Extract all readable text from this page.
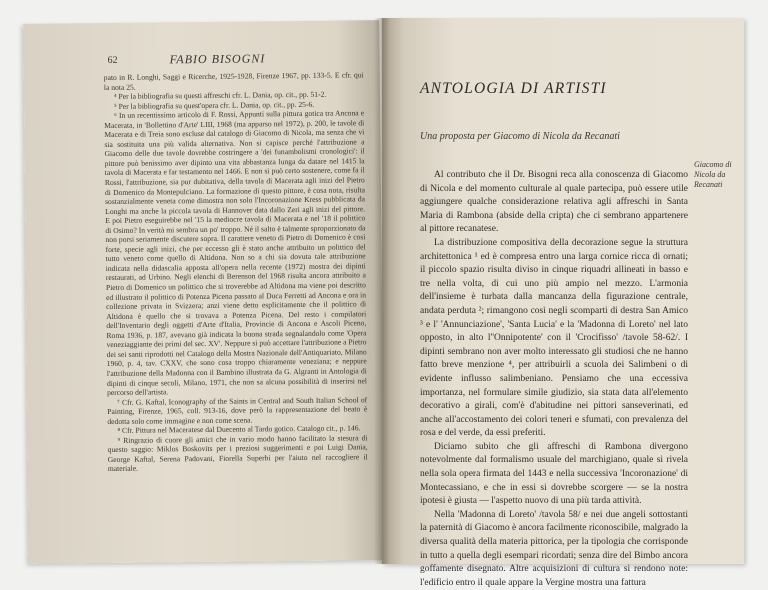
62	FABIO BISOGNI

pato in R. Longhi, Saggi e Ricerche, 1925-1928, Firenze 1967, pp. 133-5. E cfr. qui la nota 25.

⁴ Per la bibliografia su questi affreschi cfr. L. Dania, op. cit., pp. 51-2.

⁵ Per la bibliografia su quest'opera cfr. L. Dania, op. cit., pp. 25-6.

⁶ In un recentissimo articolo di F. Rossi, Appunti sulla pittura gotica tra Ancona e Macerata, in 'Bollettino d'Arte' LIII, 1968 (ma apparso nel 1972), p. 200, le tavole di Macerata e di Treia sono escluse dal catalogo di Giacomo di Nicola, ma senza che vi sia sostituita una più valida alternativa. Non si capisce perché l'attribuzione a Giacomo delle due tavole dovrebbe costringere a 'dei funambolismi cronologici': il pittore può benissimo aver dipinto una vita abbastanza lunga da datare nel 1415 la tavola di Macerata e far testamento nel 1466. E non si può certo sostenere, come fa il Rossi, l'attribuzione, sia pur dubitativa, della tavola di Macerata agli inizi del Pietro di Domenico da Montepulciano. La formazione di questo pittore, è cosa nota, risulta sostanzialmente veneta come dimostra non solo l'Incoronazione Kress pubblicata da Longhi ma anche la piccola tavola di Hannover data dallo Zeri agli inizi del pittore. E poi Pietro eseguirebbe nel '15 la mediocre tavola di Macerata e nel '18 il polittico di Osimo? In verità mi sembra un po' troppo. Né il salto è talmente sproporzionato da non porsi seriamente discutere sopra. Il carattere veneto di Pietro di Domenico è così forte, specie agli inizi, che per eccesso gli è stato anche attribuito un polittico del tutto veneto come quello di Altidona. Non so a chi sia dovuta tale attribuzione indicata nella didascalia apposta all'opera nella recente (1972) mostra dei dipinti restaurati, ad Urbino. Negli elenchi di Berenson del 1968 risulta ancora attribuito a Pietro di Domenico un polittico che si troverebbe ad Altidona ma viene poi descritto ed illustrato il polittico di Potenza Picena passato al Duca Ferretti ad Ancona e ora in collezione privata in Svizzera; anzi viene detto esplicitamente che il polittico di Altidona è quello che si trovava a Potenza Picena. Del resto i compilatori dell'Inventario degli oggetti d'Arte d'Italia, Provincie di Ancona e Ascoli Piceno, Roma 1936, p. 187, avevano già indicata la buona strada segnalandolo come 'Opera veneziaggiante dei primi del sec. XV'. Neppure si può accettare l'attribuzione a Pietro dei sei santi riprodotti nel Catalogo della Mostra Nazionale dell'Antiquariato, Milano 1960, p. 4, tav. CXXV, che sono cosa troppo chiaramente veneziana; e neppure l'attribuzione della Madonna con il Bambino illustrata da G. Algranti in Antologia di dipinti di cinque secoli, Milano, 1971, che non sa alcuna possibilità di inserirsi nel percorso dell'artista.

⁷ Cfr. G. Kaftal, Iconography of the Saints in Central and South Italian School of Painting, Firenze, 1965, coll. 913-16, dove però la rappresentazione del beato è dedotta solo come immagine e non come scena.

⁸ Cfr. Pittura nel Maceratese dal Duecento al Tardo gotico. Catalogo cit., p. 146.

⁹ Ringrazio di cuore gli amici che in vario modo hanno facilitato la stesura di questo saggio: Miklos Boskovits per i preziosi suggerimenti e poi Luigi Dania, George Kaftal, Serena Padovani, Fiorella Superbi per l'aiuto nel raccogliere il materiale.

ANTOLOGIA DI ARTISTI
Una proposta per Giacomo di Nicola da Recanati
Giacomo di Nicola da Recanati

Al contributo che il Dr. Bisogni reca alla conoscenza di Giacomo di Nicola e del momento culturale al quale partecipa, può essere utile aggiungere qualche considerazione relativa agli affreschi in Santa Maria di Rambona (abside della cripta) che ci sembrano appartenere al pittore recanatese.

La distribuzione compositiva della decorazione segue la struttura architettonica ¹ ed è compresa entro una larga cornice ricca di ornati; il piccolo spazio risulta diviso in cinque riquadri allineati in basso e tre nella volta, di cui uno più ampio nel mezzo. L'armonia dell'insieme è turbata dalla mancanza della figurazione centrale, andata perduta ²; rimangono così negli scomparti di destra San Amico ³ e l' 'Annunciazione', 'Santa Lucia' e la 'Madonna di Loreto' nel lato opposto, in alto l''Onnipotente' con il 'Crocifisso' /tavole 58-62/. I dipinti sembrano non aver molto interessato gli studiosi che ne hanno fatto breve menzione ⁴, per attribuirli a scuola dei Salimbeni o di evidente influsso salimbeniano. Pensiamo che una eccessiva importanza, nel formulare simile giudizio, sia stata data all'elemento decorativo a girali, com'è d'abitudine nei pittori sanseverinati, ed anche all'accostamento dei colori teneri e sfumati, con prevalenza del rosa e del verde, da essi preferiti.

Diciamo subito che gli affreschi di Rambona divergono notevolmente dal formalismo usuale del marchigiano, quale si rivela nella sola opera firmata del 1443 e nella successiva 'Incoronazione' di Montecassiano, e che in essi si dovrebbe scorgere — se la nostra ipotesi è giusta — l'aspetto nuovo di una più tarda attività.

Nella 'Madonna di Loreto' /tavola 58/ e nei due angeli sottostanti la paternità di Giacomo è ancora facilmente riconoscibile, malgrado la diversa qualità della materia pittorica, per la tipologia che corrisponde in tutto a quella degli esempari ricordati; senza dire del Bimbo ancora goffamente disegnato. Altre acquisizioni di cultura si rendono note: l'edificio entro il quale appare la Vergine mostra una fattura
